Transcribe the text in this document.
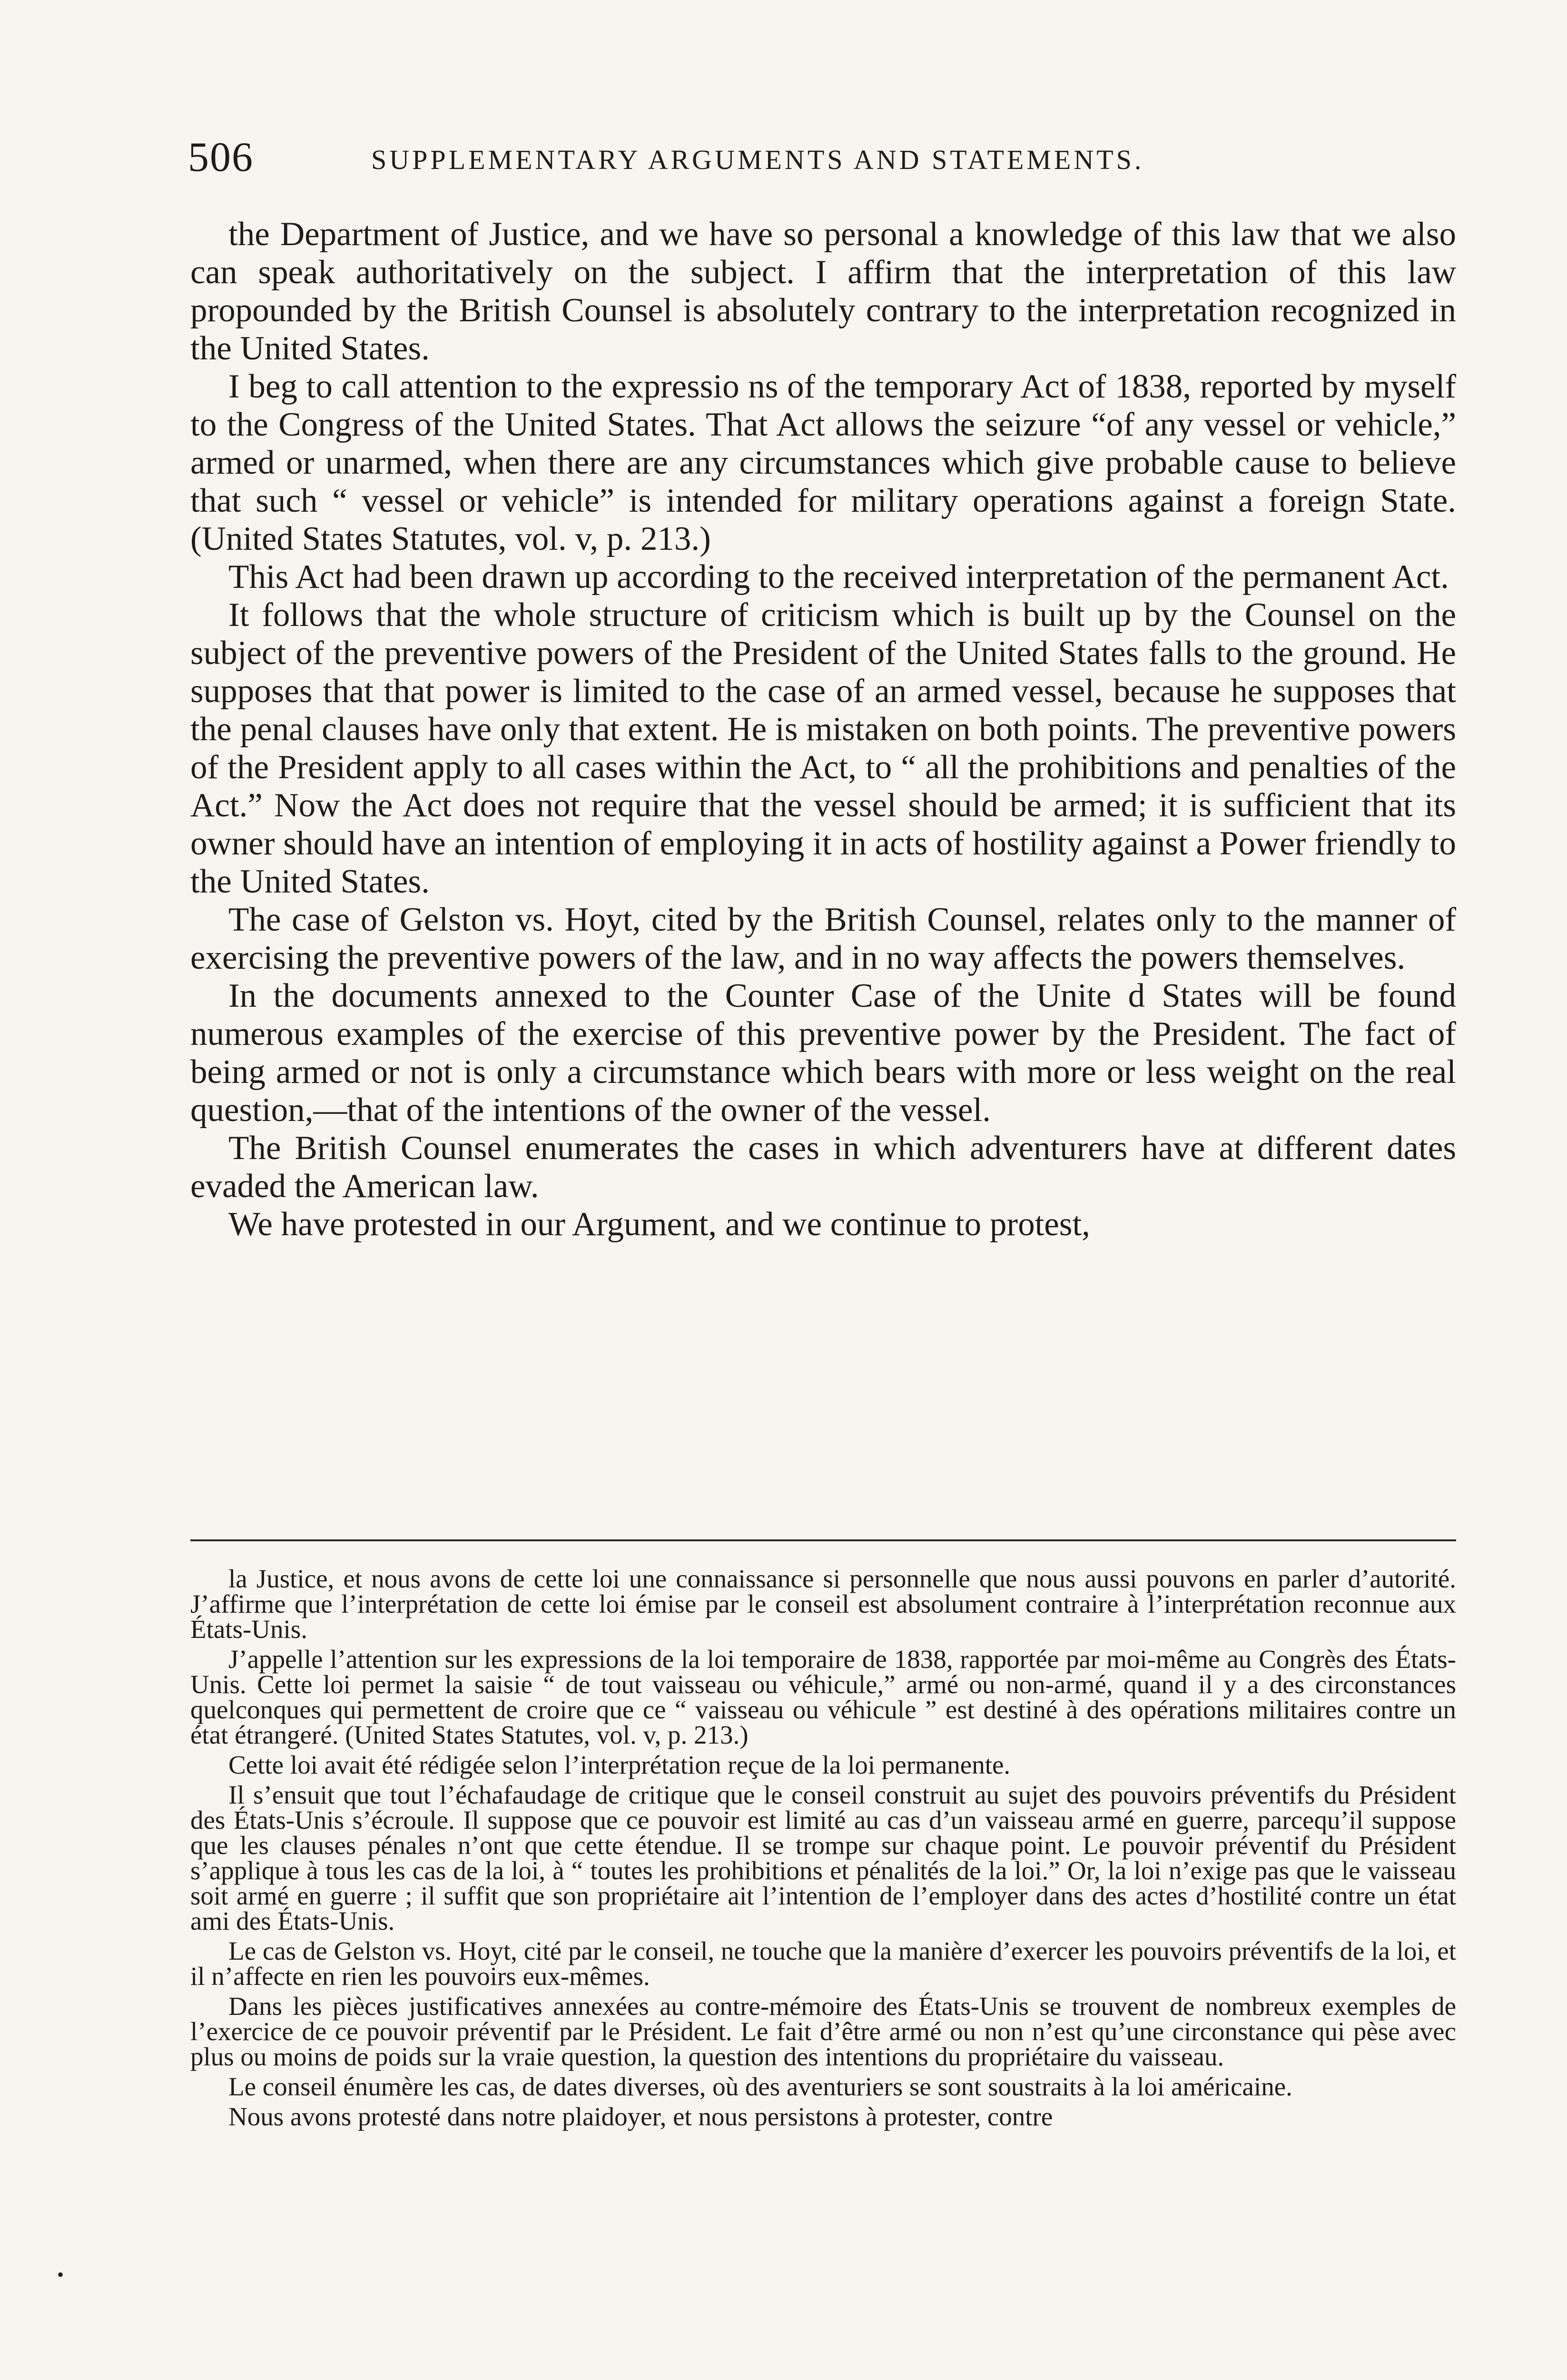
506	SUPPLEMENTARY ARGUMENTS AND STATEMENTS.

the Department of Justice, and we have so personal a knowledge of this law that we also can speak authoritatively on the subject. I affirm that the interpretation of this law propounded by the British Counsel is absolutely contrary to the interpretation recognized in the United States.

I beg to call attention to the expressio ns of the temporary Act of 1838, reported by myself to the Congress of the United States. That Act allows the seizure “of any vessel or vehicle,” armed or unarmed, when there are any circumstances which give probable cause to believe that such “ vessel or vehicle” is intended for military operations against a foreign State. (United States Statutes, vol. v, p. 213.)

This Act had been drawn up according to the received interpretation of the permanent Act.

It follows that the whole structure of criticism which is built up by the Counsel on the subject of the preventive powers of the President of the United States falls to the ground. He supposes that that power is limited to the case of an armed vessel, because he supposes that the penal clauses have only that extent. He is mistaken on both points. The preventive powers of the President apply to all cases within the Act, to “ all the prohibitions and penalties of the Act.” Now the Act does not require that the vessel should be armed; it is sufficient that its owner should have an intention of employing it in acts of hostility against a Power friendly to the United States.

The case of Gelston vs. Hoyt, cited by the British Counsel, relates only to the manner of exercising the preventive powers of the law, and in no way affects the powers themselves.

In the documents annexed to the Counter Case of the Unite d States will be found numerous examples of the exercise of this preventive power by the President. The fact of being armed or not is only a circumstance which bears with more or less weight on the real question,—that of the intentions of the owner of the vessel.

The British Counsel enumerates the cases in which adventurers have at different dates evaded the American law.

We have protested in our Argument, and we continue to protest,

la Justice, et nous avons de cette loi une connaissance si personnelle que nous aussi pouvons en parler d’autorité. J’affirme que l’interprétation de cette loi émise par le conseil est absolument contraire à l’interprétation reconnue aux États-Unis.

J’appelle l’attention sur les expressions de la loi temporaire de 1838, rapportée par moi-même au Congrès des États-Unis. Cette loi permet la saisie “ de tout vaisseau ou véhicule,” armé ou non-armé, quand il y a des circonstances quelconques qui permettent de croire que ce “ vaisseau ou véhicule ” est destiné à des opérations militaires contre un état étrangeré. (United States Statutes, vol. v, p. 213.)

Cette loi avait été rédigée selon l’interprétation reçue de la loi permanente.

Il s’ensuit que tout l’échafaudage de critique que le conseil construit au sujet des pouvoirs préventifs du Président des États-Unis s’écroule. Il suppose que ce pouvoir est limité au cas d’un vaisseau armé en guerre, parcequ’il suppose que les clauses pénales n’ont que cette étendue. Il se trompe sur chaque point. Le pouvoir préventif du Président s’applique à tous les cas de la loi, à “ toutes les prohibitions et pénalités de la loi.” Or, la loi n’exige pas que le vaisseau soit armé en guerre ; il suffit que son propriétaire ait l’intention de l’employer dans des actes d’hostilité contre un état ami des États-Unis.

Le cas de Gelston vs. Hoyt, cité par le conseil, ne touche que la manière d’exercer les pouvoirs préventifs de la loi, et il n’affecte en rien les pouvoirs eux-mêmes.

Dans les pièces justificatives annexées au contre-mémoire des États-Unis se trouvent de nombreux exemples de l’exercice de ce pouvoir préventif par le Président. Le fait d’être armé ou non n’est qu’une circonstance qui pèse avec plus ou moins de poids sur la vraie question, la question des intentions du propriétaire du vaisseau.

Le conseil énumère les cas, de dates diverses, où des aventuriers se sont soustraits à la loi américaine.

Nous avons protesté dans notre plaidoyer, et nous persistons à protester, contre

•
